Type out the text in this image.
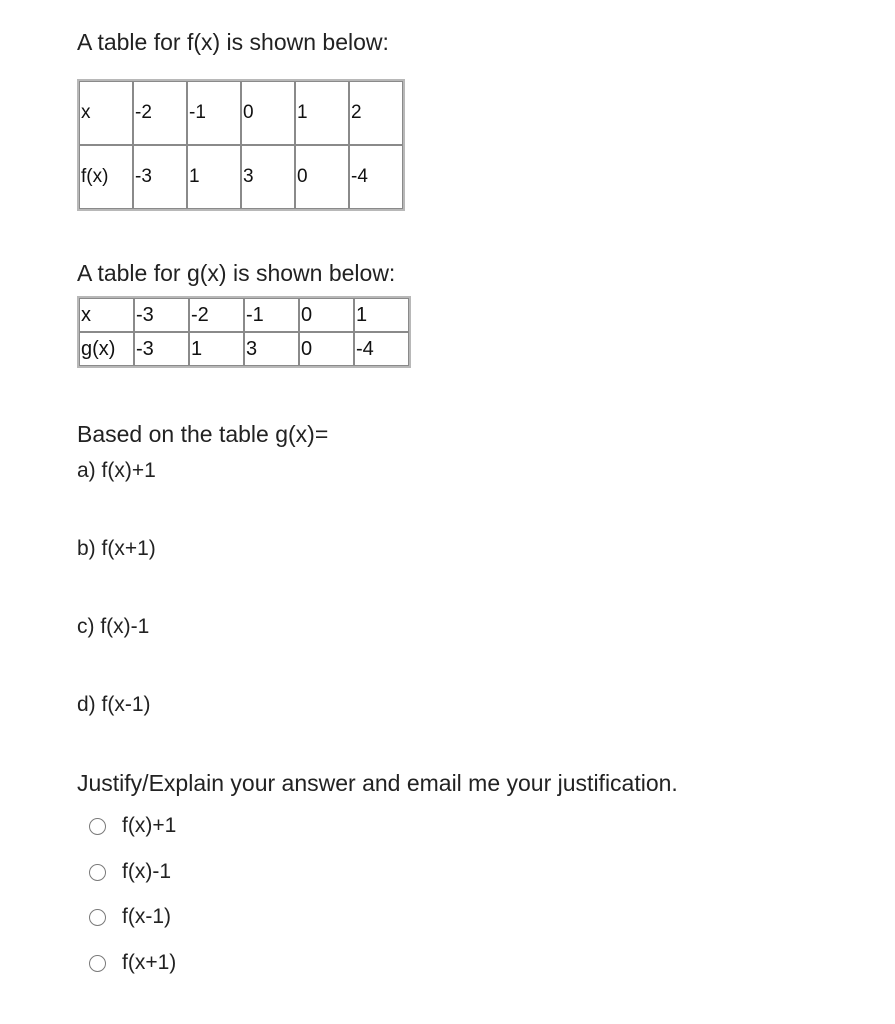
A table for f(x) is shown below:
x	-2	-1	0	1	2
f(x)	-3	1	3	0	-4
A table for g(x) is shown below:
x	-3	-2	-1	0	1
g(x)	-3	1	3	0	-4
Based on the table g(x)=
a) f(x)+1
b) f(x+1)
c) f(x)-1
d) f(x-1)
Justify/Explain your answer and email me your justification.
f(x)+1
f(x)-1
f(x-1)
f(x+1)
